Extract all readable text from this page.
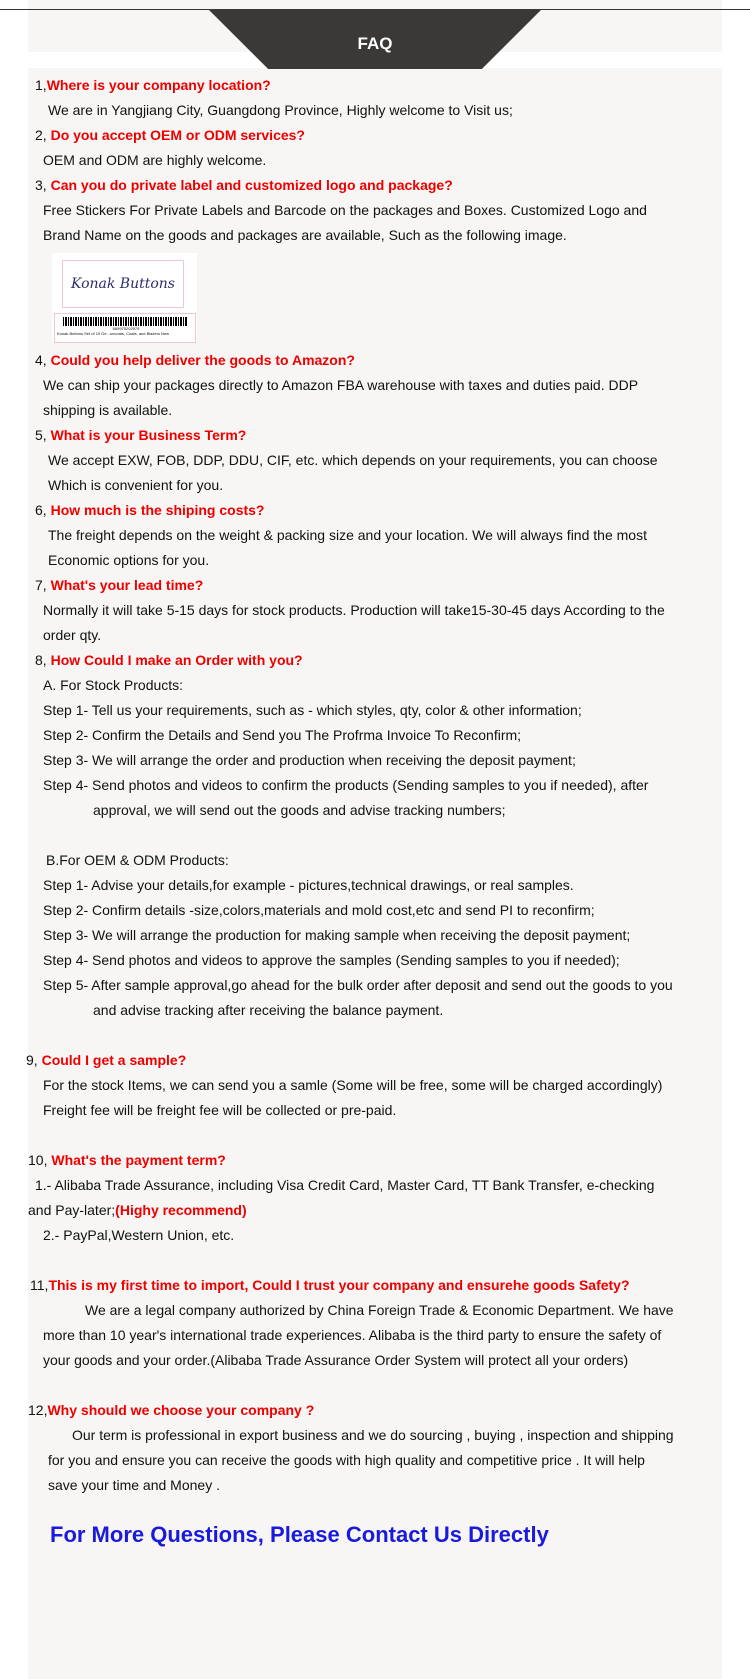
FAQ
1,Where is your company location?
We are in Yangjiang City, Guangdong Province, Highly welcome to Visit us;
2, Do you accept OEM or ODM services?
OEM and ODM are highly welcome.
3, Can you do private label and customized logo and package?
Free Stickers For Private Labels and Barcode on the packages and Boxes. Customized Logo and
Brand Name on the goods and packages are available, Such as the following image.
Konak Buttons
689975202979
Konak Buttons Set of 10 Ge...uncoats, Coats, and Blazers New
4, Could you help deliver the goods to Amazon?
We can ship your packages directly to Amazon FBA warehouse with taxes and duties paid. DDP
shipping is available.
5, What is your Business Term?
We accept EXW, FOB, DDP, DDU, CIF, etc. which depends on your requirements, you can choose
Which is convenient for you.
6, How much is the shiping costs?
The freight depends on the weight & packing size and your location. We will always find the most
Economic options for you.
7, What's your lead time?
Normally it will take 5-15 days for stock products. Production will take15-30-45 days According to the
order qty.
8, How Could I make an Order with you?
A. For Stock Products:
Step 1- Tell us your requirements, such as - which styles, qty, color & other information;
Step 2- Confirm the Details and Send you The Profrma Invoice To Reconfirm;
Step 3- We will arrange the order and production when receiving the deposit payment;
Step 4- Send photos and videos to confirm the products (Sending samples to you if needed), after
approval, we will send out the goods and advise tracking numbers;
B.For OEM & ODM Products:
Step 1- Advise your details,for example - pictures,technical drawings, or real samples.
Step 2- Confirm details -size,colors,materials and mold cost,etc and send PI to reconfirm;
Step 3- We will arrange the production for making sample when receiving the deposit payment;
Step 4- Send photos and videos to approve the samples (Sending samples to you if needed);
Step 5- After sample approval,go ahead for the bulk order after deposit and send out the goods to you
and advise tracking after receiving the balance payment.
9, Could I get a sample?
For the stock Items, we can send you a samle (Some will be free, some will be charged accordingly)
Freight fee will be freight fee will be collected or pre-paid.
10, What's the payment term?
1.- Alibaba Trade Assurance, including Visa Credit Card, Master Card, TT Bank Transfer, e-checking
and Pay-later;(Highy recommend)
2.- PayPal,Western Union, etc.
11,This is my first time to import, Could I trust your company and ensurehe goods Safety?
We are a legal company authorized by China Foreign Trade & Economic Department. We have
more than 10 year's international trade experiences. Alibaba is the third party to ensure the safety of
your goods and your order.(Alibaba Trade Assurance Order System will protect all your orders)
12,Why should we choose your company ?
Our term is professional in export business and we do sourcing , buying , inspection and shipping
for you and ensure you can receive the goods with high quality and competitive price . It will help
save your time and Money .
For More Questions, Please Contact Us Directly
